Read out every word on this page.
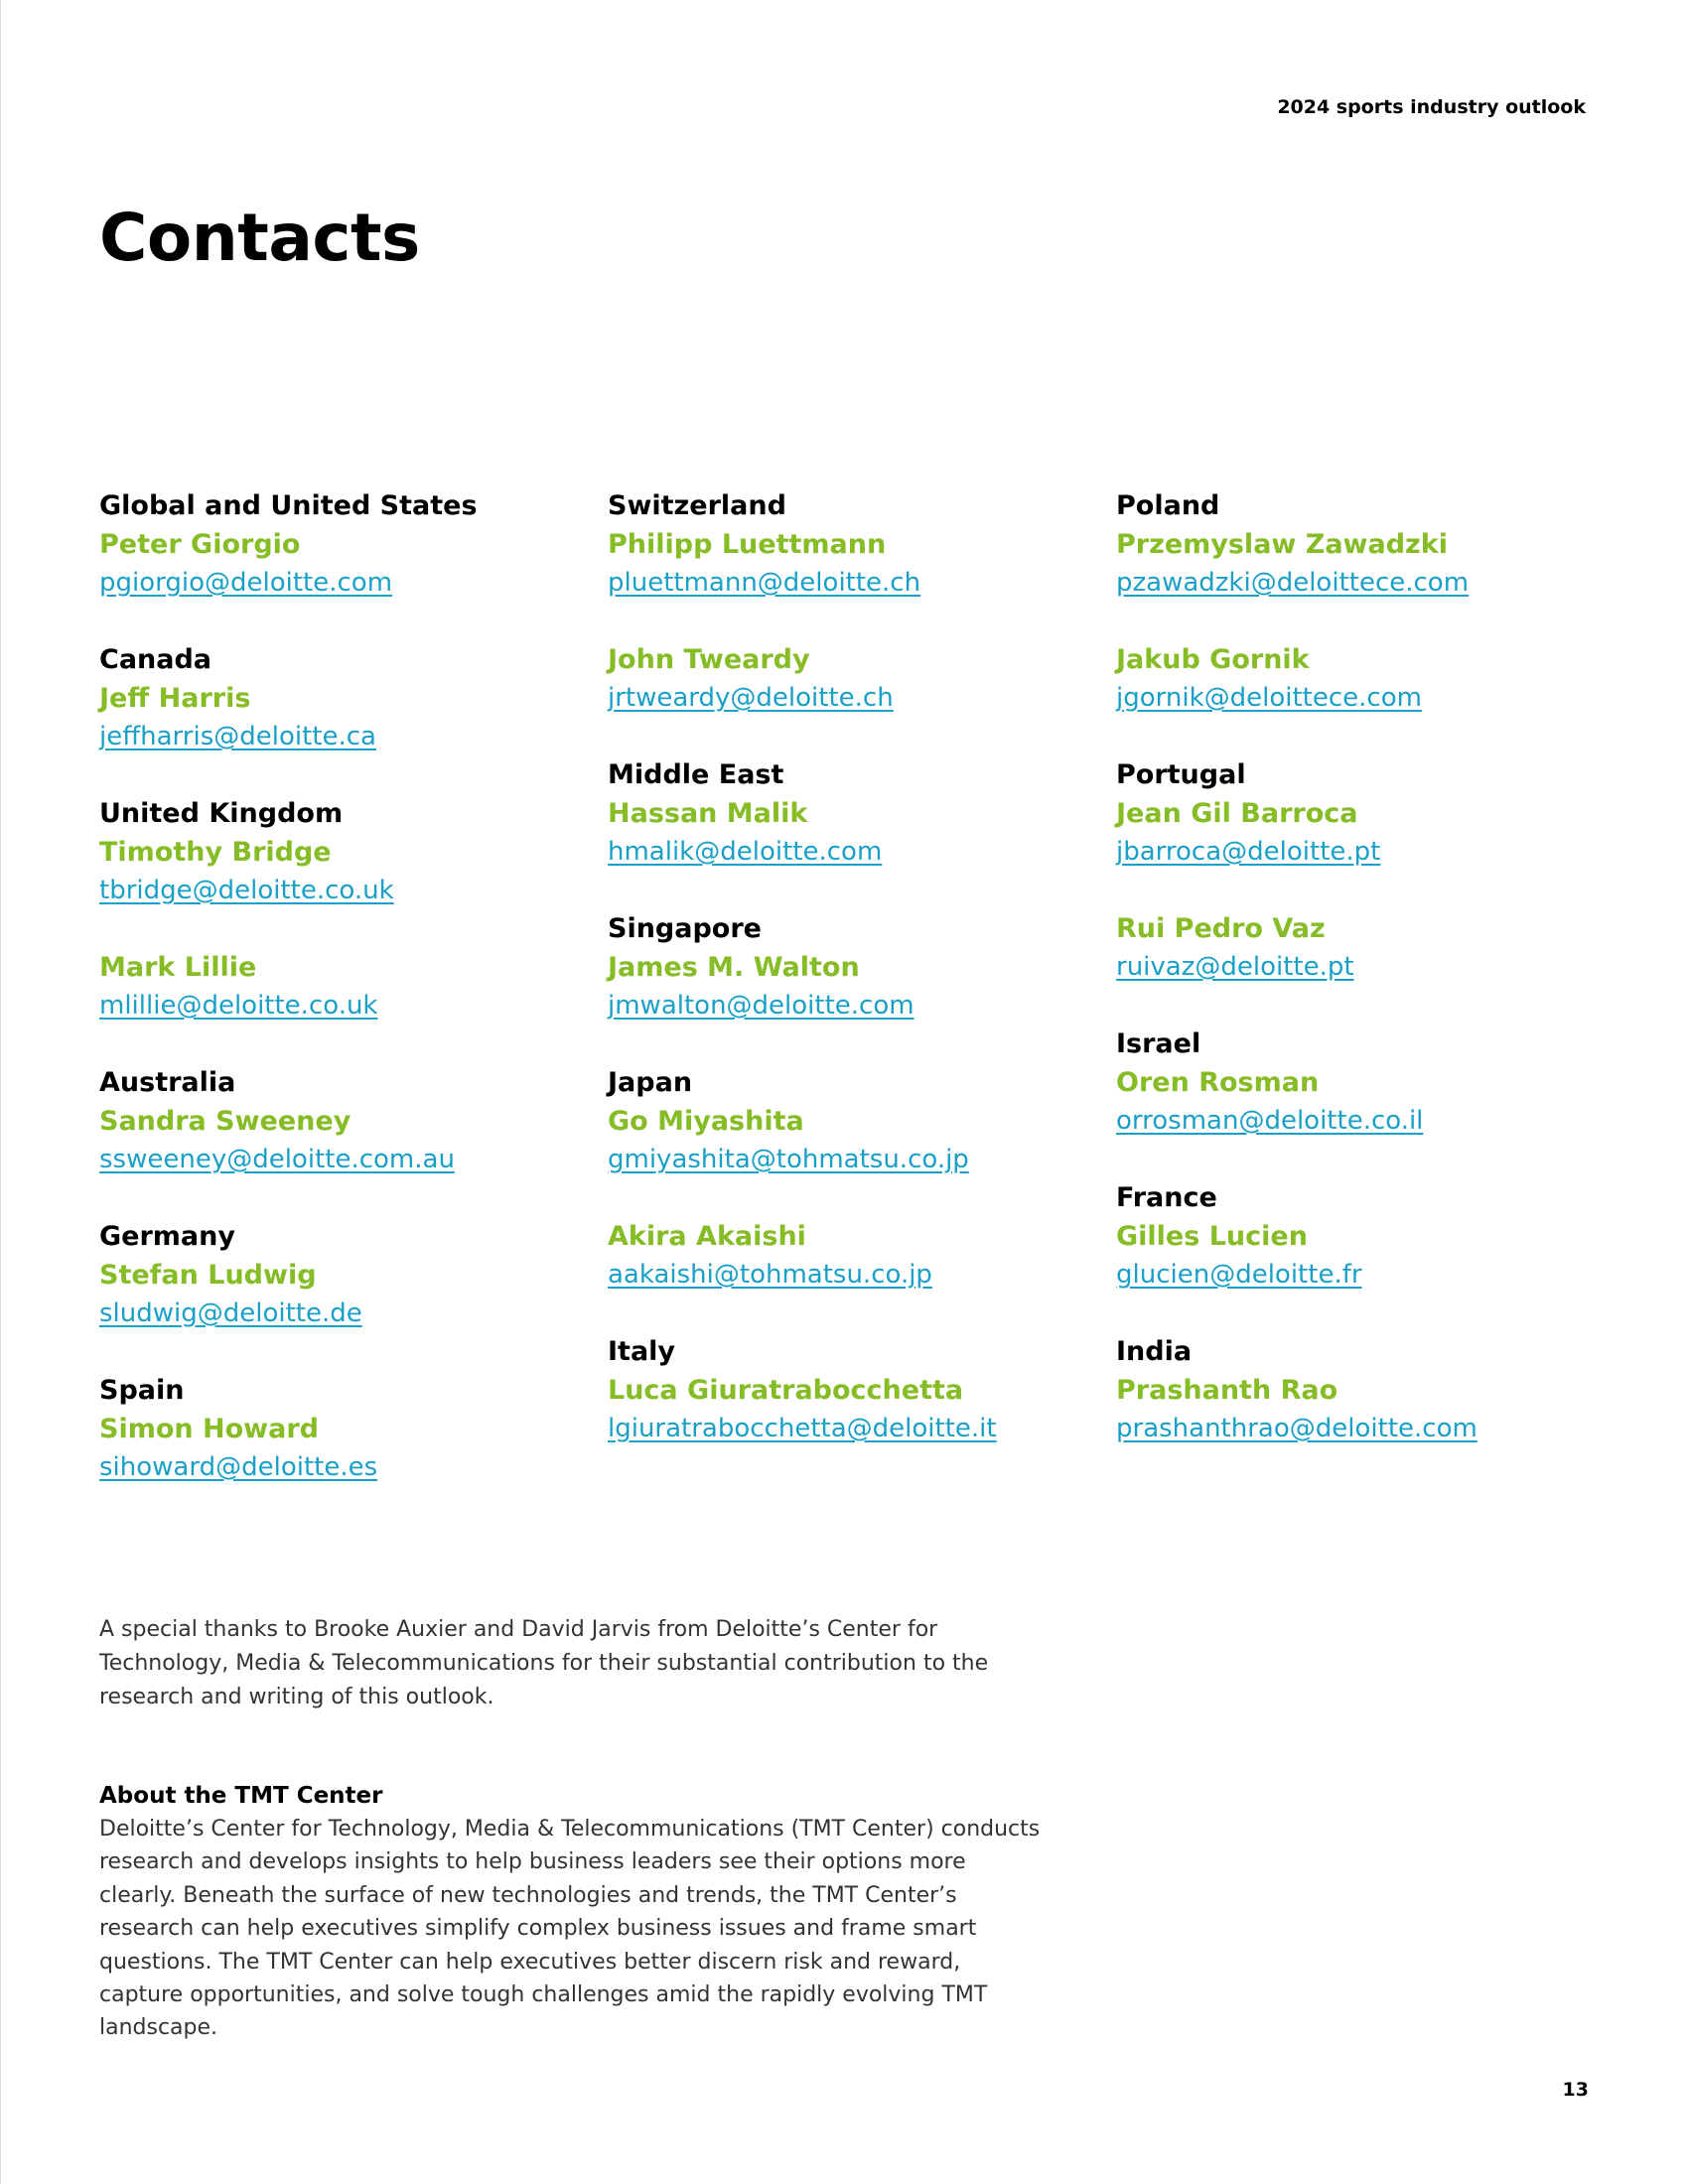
2024 sports industry outlook
Contacts
Global and United States
Peter Giorgio
pgiorgio@deloitte.com
Canada
Jeff Harris
jeffharris@deloitte.ca
United Kingdom
Timothy Bridge
tbridge@deloitte.co.uk
Mark Lillie
mlillie@deloitte.co.uk
Australia
Sandra Sweeney
ssweeney@deloitte.com.au
Germany
Stefan Ludwig
sludwig@deloitte.de
Spain
Simon Howard
sihoward@deloitte.es
Switzerland
Philipp Luettmann
pluettmann@deloitte.ch
John Tweardy
jrtweardy@deloitte.ch
Middle East
Hassan Malik
hmalik@deloitte.com
Singapore
James M. Walton
jmwalton@deloitte.com
Japan
Go Miyashita
gmiyashita@tohmatsu.co.jp
Akira Akaishi
aakaishi@tohmatsu.co.jp
Italy
Luca Giuratrabocchetta
lgiuratrabocchetta@deloitte.it
Poland
Przemyslaw Zawadzki
pzawadzki@deloittece.com
Jakub Gornik
jgornik@deloittece.com
Portugal
Jean Gil Barroca
jbarroca@deloitte.pt
Rui Pedro Vaz
ruivaz@deloitte.pt
Israel
Oren Rosman
orrosman@deloitte.co.il
France
Gilles Lucien
glucien@deloitte.fr
India
Prashanth Rao
prashanthrao@deloitte.com

A special thanks to Brooke Auxier and David Jarvis from Deloitte’s Center for Technology, Media & Telecommunications for their substantial contribution to the research and writing of this outlook.

About the TMT Center

Deloitte’s Center for Technology, Media & Telecommunications (TMT Center) conducts research and develops insights to help business leaders see their options more clearly. Beneath the surface of new technologies and trends, the TMT Center’s research can help executives simplify complex business issues and frame smart questions. The TMT Center can help executives better discern risk and reward, capture opportunities, and solve tough challenges amid the rapidly evolving TMT landscape.

13
